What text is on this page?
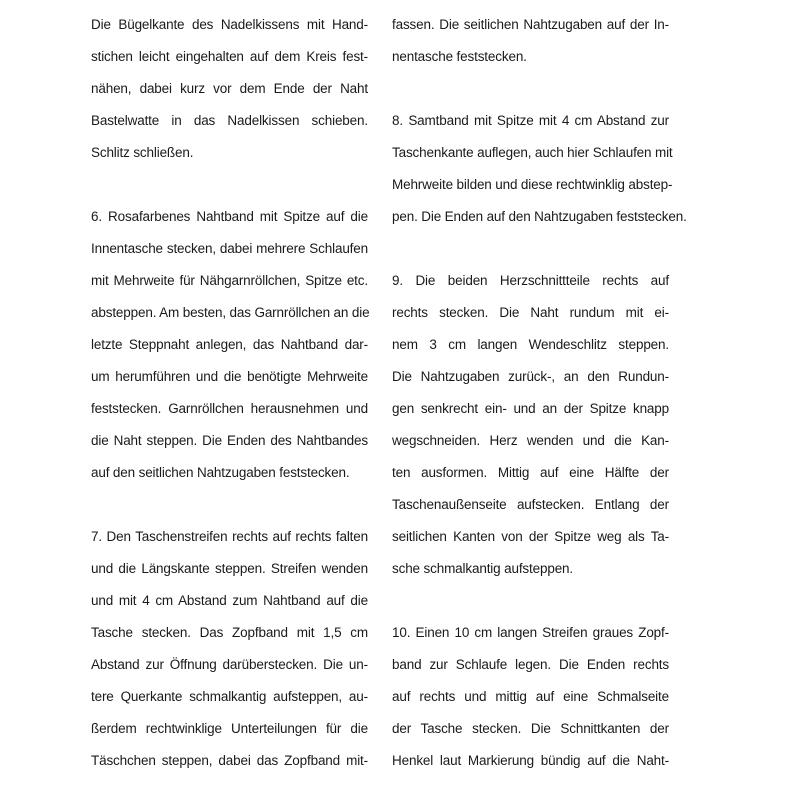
Die Bügelkante des Nadelkissens mit Hand-
stichen leicht eingehalten auf dem Kreis fest-
nähen, dabei kurz vor dem Ende der Naht
Bastelwatte in das Nadelkissen schieben.
Schlitz schließen.
6. Rosafarbenes Nahtband mit Spitze auf die
Innentasche stecken, dabei mehrere Schlaufen
mit Mehrweite für Nähgarnröllchen, Spitze etc.
absteppen. Am besten, das Garnröllchen an die
letzte Steppnaht anlegen, das Nahtband dar-
um herumführen und die benötigte Mehrweite
feststecken. Garnröllchen herausnehmen und
die Naht steppen. Die Enden des Nahtbandes
auf den seitlichen Nahtzugaben feststecken.
7. Den Taschenstreifen rechts auf rechts falten
und die Längskante steppen. Streifen wenden
und mit 4 cm Abstand zum Nahtband auf die
Tasche stecken. Das Zopfband mit 1,5 cm
Abstand zur Öffnung darüberstecken. Die un-
tere Querkante schmalkantig aufsteppen, au-
ßerdem rechtwinklige Unterteilungen für die
Täschchen steppen, dabei das Zopfband mit-
fassen. Die seitlichen Nahtzugaben auf der In-
nentasche feststecken.
8. Samtband mit Spitze mit 4 cm Abstand zur
Taschenkante auflegen, auch hier Schlaufen mit
Mehrweite bilden und diese rechtwinklig abstep-
pen. Die Enden auf den Nahtzugaben feststecken.
9. Die beiden Herzschnittteile rechts auf
rechts stecken. Die Naht rundum mit ei-
nem 3 cm langen Wendeschlitz steppen.
Die Nahtzugaben zurück-, an den Rundun-
gen senkrecht ein- und an der Spitze knapp
wegschneiden. Herz wenden und die Kan-
ten ausformen. Mittig auf eine Hälfte der
Taschenaußenseite aufstecken. Entlang der
seitlichen Kanten von der Spitze weg als Ta-
sche schmalkantig aufsteppen.
10. Einen 10 cm langen Streifen graues Zopf-
band zur Schlaufe legen. Die Enden rechts
auf rechts und mittig auf eine Schmalseite
der Tasche stecken. Die Schnittkanten der
Henkel laut Markierung bündig auf die Naht-
